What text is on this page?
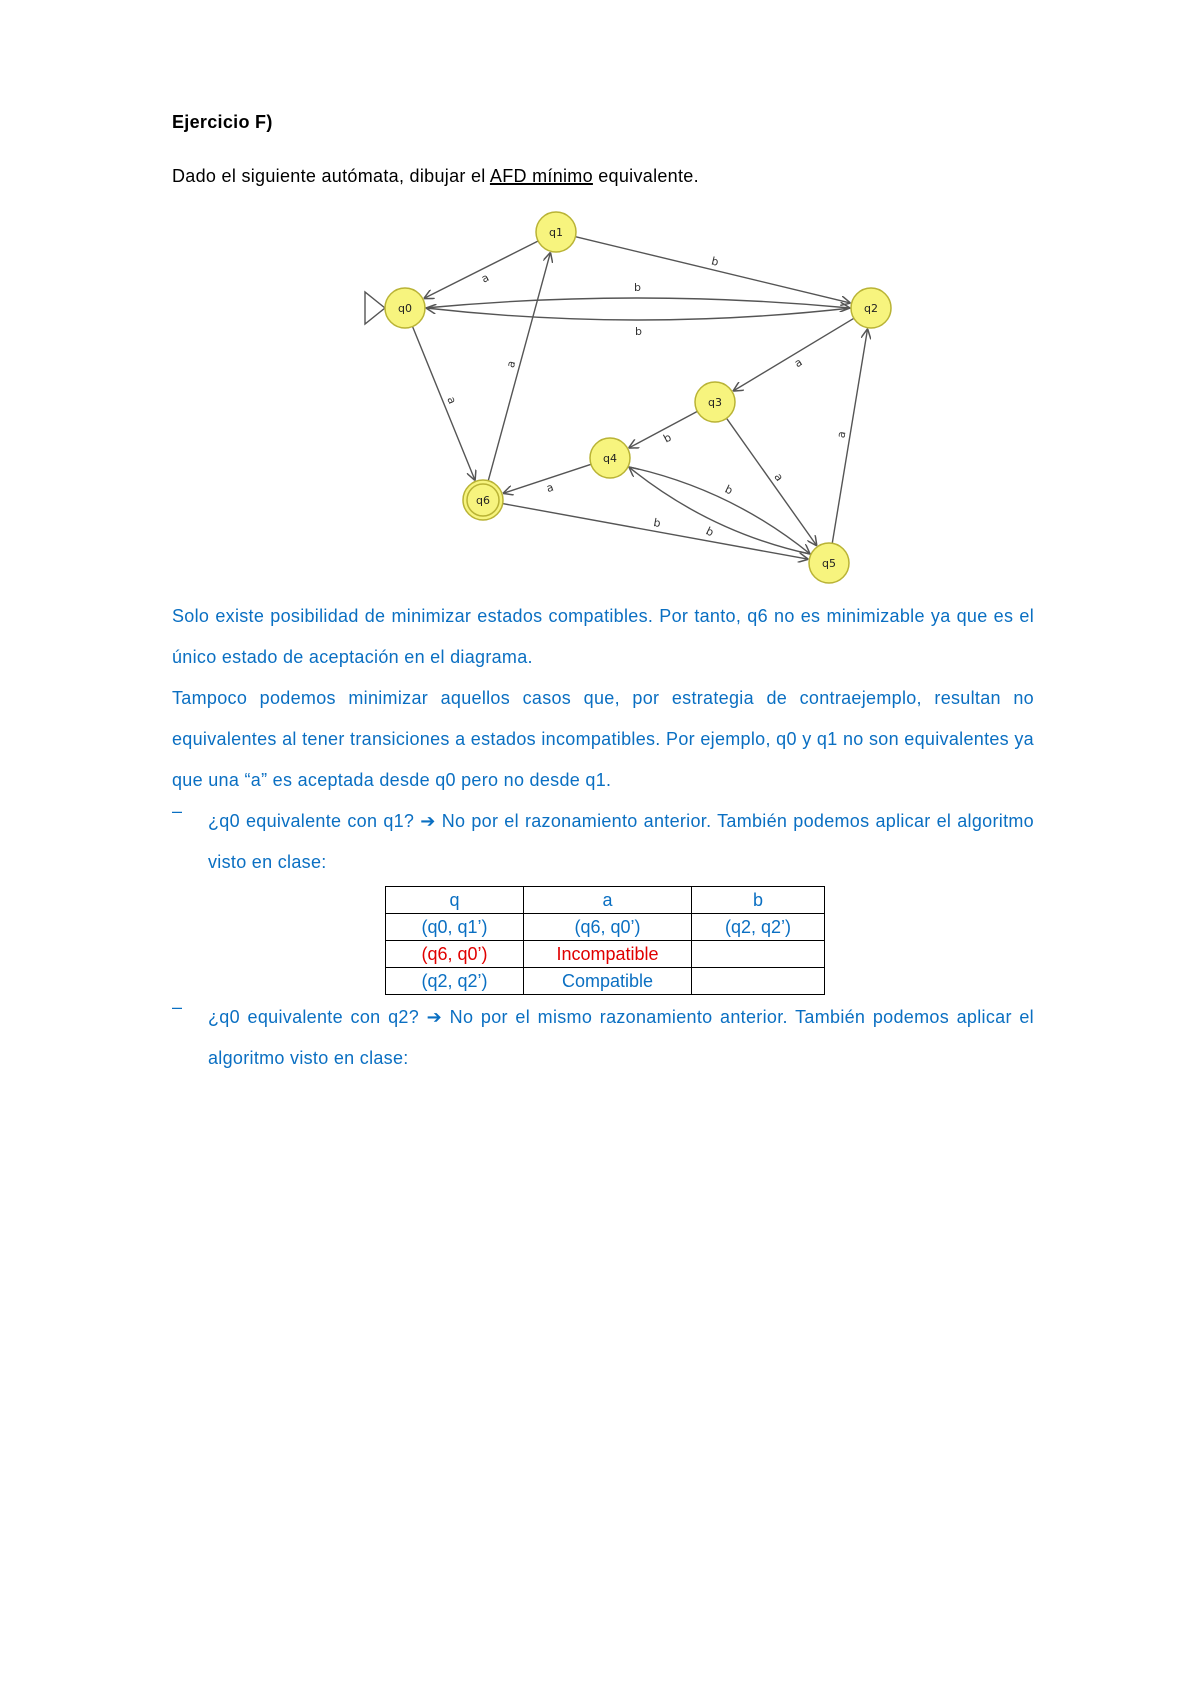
Ejercicio F)
Dado el siguiente autómata, dibujar el AFD mínimo equivalente.
a
b
b
b
a
a	a
b
a
a	b
b
b
a
q0
q1
q2
q3
q4
q5
q6
Solo existe posibilidad de minimizar estados compatibles. Por tanto, q6 no es minimizable ya que es el único estado de aceptación en el diagrama.
Tampoco podemos minimizar aquellos casos que, por estrategia de contraejemplo, resultan no equivalentes al tener transiciones a estados incompatibles. Por ejemplo, q0 y q1 no son equivalentes ya que una “a” es aceptada desde q0 pero no desde q1.
– ¿q0 equivalente con q1? ➔ No por el razonamiento anterior. También podemos aplicar el algoritmo visto en clase:
q	a	b
(q0, q1’)	(q6, q0’)	(q2, q2’)
(q6, q0’)	Incompatible	
(q2, q2’)	Compatible	
– ¿q0 equivalente con q2? ➔ No por el mismo razonamiento anterior. También podemos aplicar el algoritmo visto en clase:
